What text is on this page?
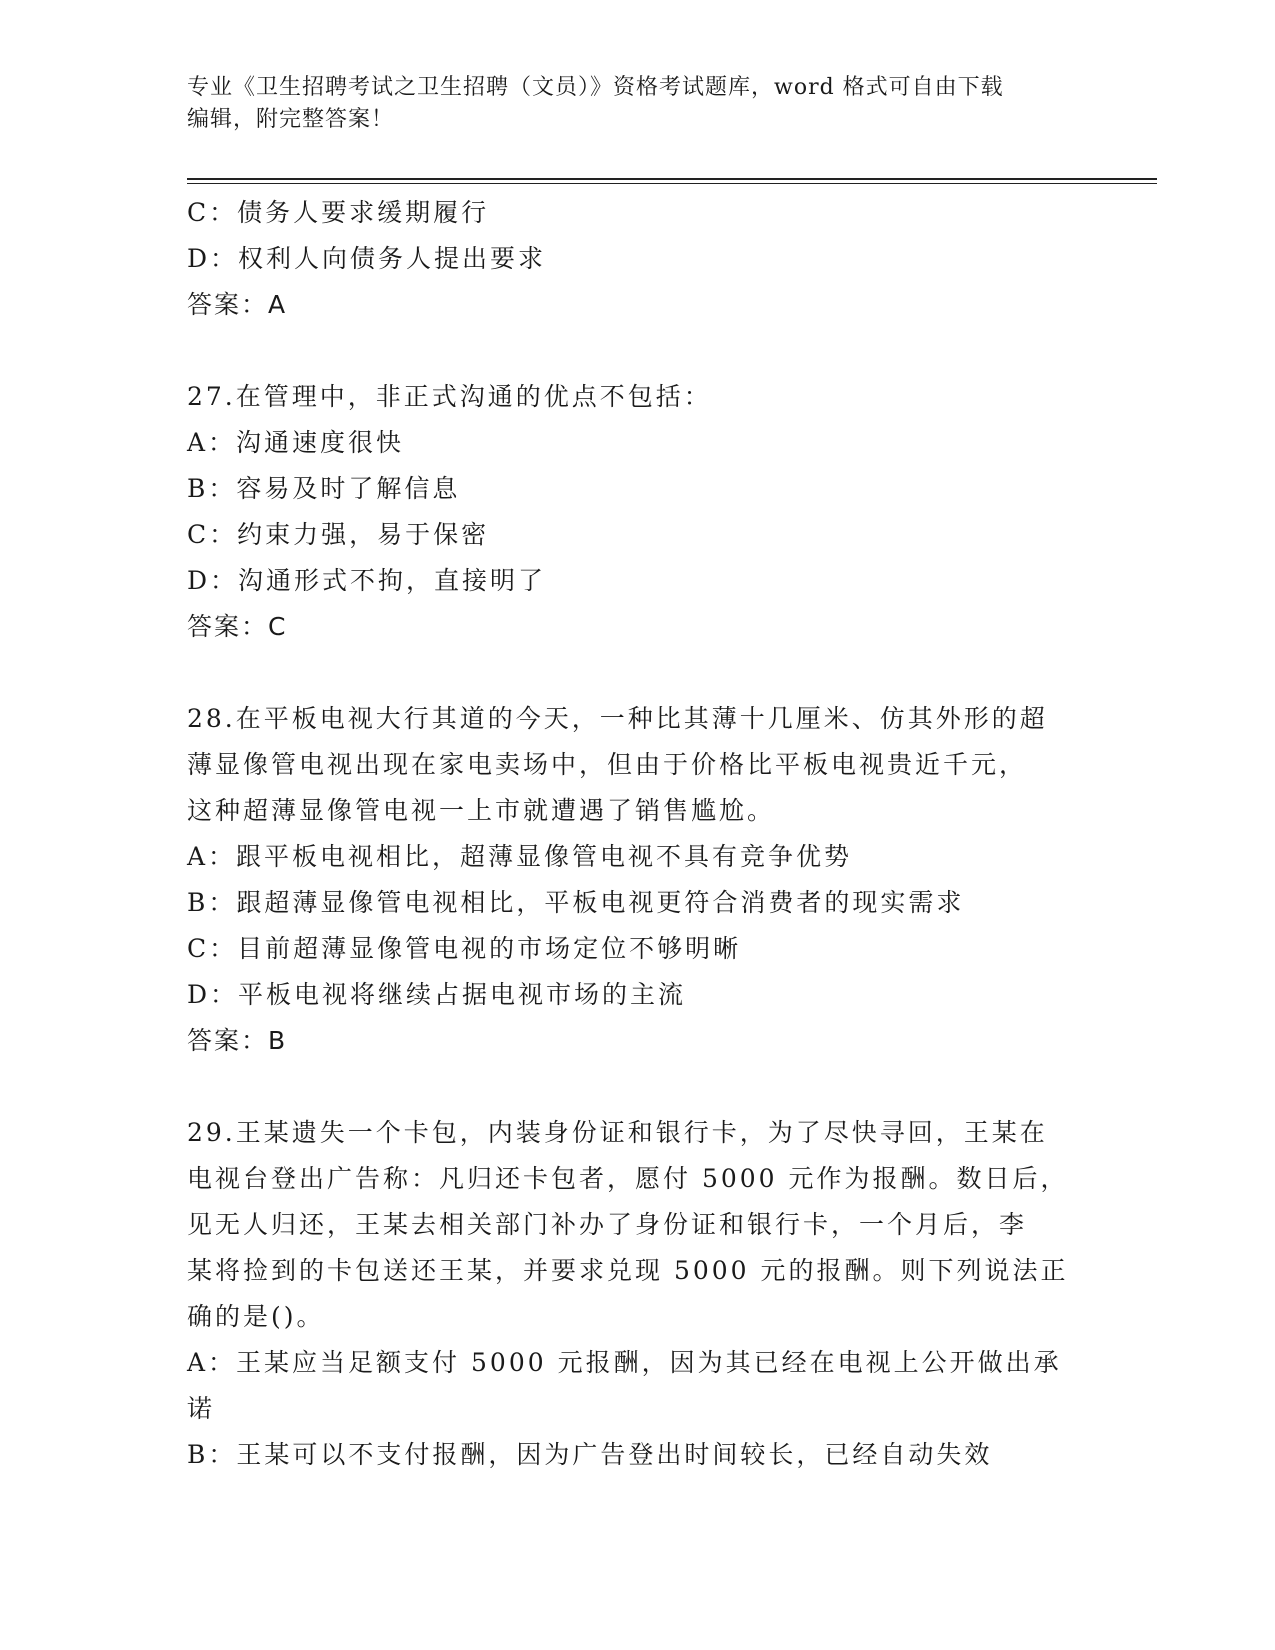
专业《卫生招聘考试之卫生招聘（文员）》资格考试题库，word 格式可自由下载
编辑，附完整答案！
C：债务人要求缓期履行
D：权利人向债务人提出要求
答案：A
27.在管理中，非正式沟通的优点不包括：
A：沟通速度很快
B：容易及时了解信息
C：约束力强，易于保密
D：沟通形式不拘，直接明了
答案：C
28.在平板电视大行其道的今天，一种比其薄十几厘米、仿其外形的超
薄显像管电视出现在家电卖场中，但由于价格比平板电视贵近千元，
这种超薄显像管电视一上市就遭遇了销售尴尬。
A：跟平板电视相比，超薄显像管电视不具有竞争优势
B：跟超薄显像管电视相比，平板电视更符合消费者的现实需求
C：目前超薄显像管电视的市场定位不够明晰
D：平板电视将继续占据电视市场的主流
答案：B
29.王某遗失一个卡包，内装身份证和银行卡，为了尽快寻回，王某在
电视台登出广告称：凡归还卡包者，愿付 5000 元作为报酬。数日后，
见无人归还，王某去相关部门补办了身份证和银行卡，一个月后，李
某将捡到的卡包送还王某，并要求兑现 5000 元的报酬。则下列说法正
确的是()。
A：王某应当足额支付 5000 元报酬，因为其已经在电视上公开做出承
诺
B：王某可以不支付报酬，因为广告登出时间较长，已经自动失效
